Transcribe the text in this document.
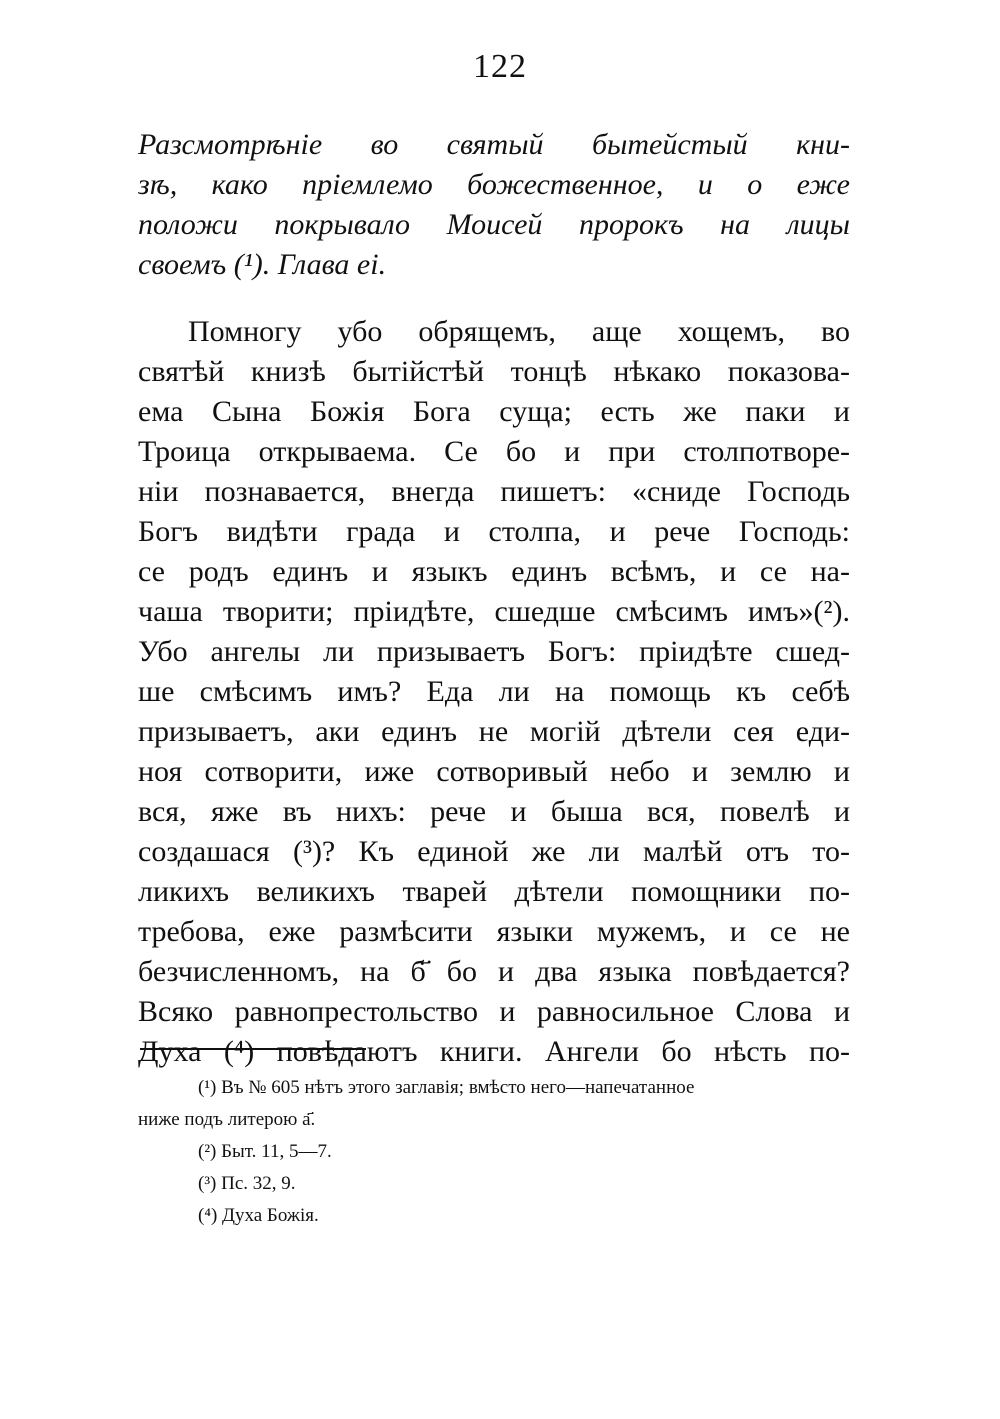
122
Разсмотрѣніе во святый бытейстый кни-
зѣ, како пріемлемо божественное, и о еже
положи покрывало Моисей пророкъ на лицы
своемъ (¹). Глава еі.
Помногу убо обрящемъ, аще хощемъ, во
святѣй книзѣ бытійстѣй тонцѣ нѣкако показова-
ема Сына Божія Бога суща; есть же паки и
Троица открываема. Се бо и при столпотворе-
ніи познавается, внегда пишетъ: «сниде Господь
Богъ видѣти града и столпа, и рече Господь:
се родъ единъ и языкъ единъ всѣмъ, и се на-
чаша творити; пріидѣте, сшедше смѣсимъ имъ»(²).
Убо ангелы ли призываетъ Богъ: пріидѣте сшед-
ше смѣсимъ имъ? Еда ли на помощь къ себѣ
призываетъ, аки единъ не могій дѣтели сея еди-
ноя сотворити, иже сотворивый небо и землю и
вся, яже въ нихъ: рече и быша вся, повелѣ и
создашася (³)? Къ единой же ли малѣй отъ то-
ликихъ великихъ тварей дѣтели помощники по-
требова, еже размѣсити языки мужемъ, и се не
безчисленномъ, на б҃ бо и два языка повѣдается?
Всяко равнопрестольство и равносильное Слова и
Духа (⁴) повѣдаютъ книги. Ангели бо нѣсть по-
(¹) Въ № 605 нѣтъ этого заглавія; вмѣсто него—напечатанное
ниже подъ литерою а҃.
(²) Быт. 11, 5—7.
(³) Пс. 32, 9.
(⁴) Духа Божія.
